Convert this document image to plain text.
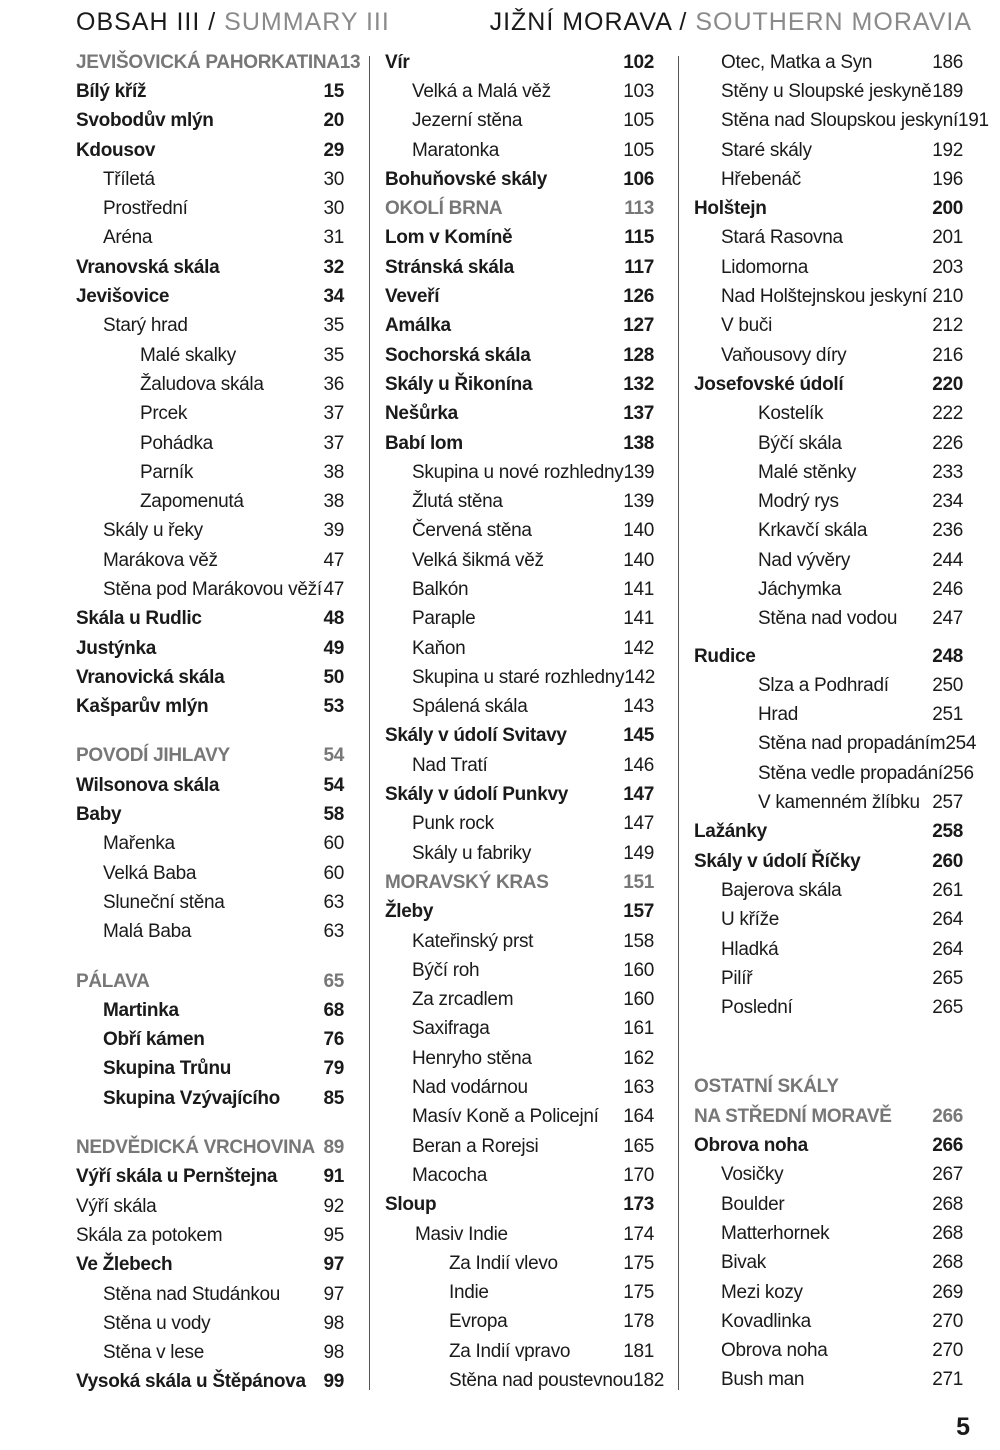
OBSAH III / SUMMARY III	JIŽNÍ MORAVA / SOUTHERN MORAVIA
JEVIŠOVICKÁ PAHORKATINA 13
Bílý kříž	15
Svobodův mlýn	20
Kdousov	29
Tříletá	30
Prostřední	30
Aréna	31
Vranovská skála	32
Jevišovice	34
Starý hrad	35
Malé skalky	35
Žaludova skála	36
Prcek	37
Pohádka	37
Parník	38
Zapomenutá	38
Skály u řeky	39
Marákova věž	47
Stěna pod Marákovou věží 47
Skála u Rudlic	48
Justýnka	49
Vranovická skála	50
Kašparův mlýn	53
POVODÍ JIHLAVY	54
Wilsonova skála	54
Baby	58
Mařenka	60
Velká Baba	60
Sluneční stěna	63
Malá Baba	63
PÁLAVA	65
Martinka	68
Obří kámen	76
Skupina Trůnu	79
Skupina Vzývajícího 85
NEDVĚDICKÁ VRCHOVINA 89
Výří skála u Pernštejna 91
Výří skála	92
Skála za potokem	95
Ve Žlebech	97
Stěna nad Studánkou 97
Stěna u vody	98
Stěna v lese	98
Vysoká skála u Štěpánova 99
Vír	102
Velká a Malá věž	103
Jezerní stěna	105
Maratonka	105
Bohuňovské skály	106
OKOLÍ BRNA	113
Lom v Komíně	115
Stránská skála	117
Veveří	126
Amálka	127
Sochorská skála	128
Skály u Řikonína	132
Nešůrka	137
Babí lom	138
Skupina u nové rozhledny 139
Žlutá stěna	139
Červená stěna	140
Velká šikmá věž	140
Balkón	141
Paraple	141
Kaňon	142
Skupina u staré rozhledny 142
Spálená skála	143
Skály v údolí Svitavy	145
Nad Tratí	146
Skály v údolí Punkvy	147
Punk rock	147
Skály u fabriky	149
MORAVSKÝ KRAS	151
Žleby	157
Kateřinský prst	158
Býčí roh	160
Za zrcadlem	160
Saxifraga	161
Henryho stěna	162
Nad vodárnou	163
Masív Koně a Policejní 164
Beran a Rorejsi	165
Macocha	170
Sloup	173
Masiv Indie	174
Za Indií vlevo	175
Indie	175
Evropa	178
Za Indií vpravo	181
Stěna nad poustevnou 182
Otec, Matka a Syn	186
Stěny u Sloupské jeskyně 189
Stěna nad Sloupskou jeskyní 191
Staré skály	192
Hřebenáč	196
Holštejn	200
Stará Rasovna	201
Lidomorna	203
Nad Holštejnskou jeskyní 210
V buči	212
Vaňousovy díry	216
Josefovské údolí	220
Kostelík	222
Býčí skála	226
Malé stěnky	233
Modrý rys	234
Krkavčí skála	236
Nad vývěry	244
Jáchymka	246
Stěna nad vodou 247
Rudice	248
Slza a Podhradí 250
Hrad	251
Stěna nad propadáním 254
Stěna vedle propadání 256
V kamenném žlíbku 257
Lažánky	258
Skály v údolí Říčky	260
Bajerova skála	261
U kříže	264
Hladká	264
Pilíř	265
Poslední	265
OSTATNÍ SKÁLY
NA STŘEDNÍ MORAVĚ 266
Obrova noha	266
Vosičky	267
Boulder	268
Matterhornek	268
Bivak	268
Mezi kozy	269
Kovadlinka	270
Obrova noha	270
Bush man	271
5
